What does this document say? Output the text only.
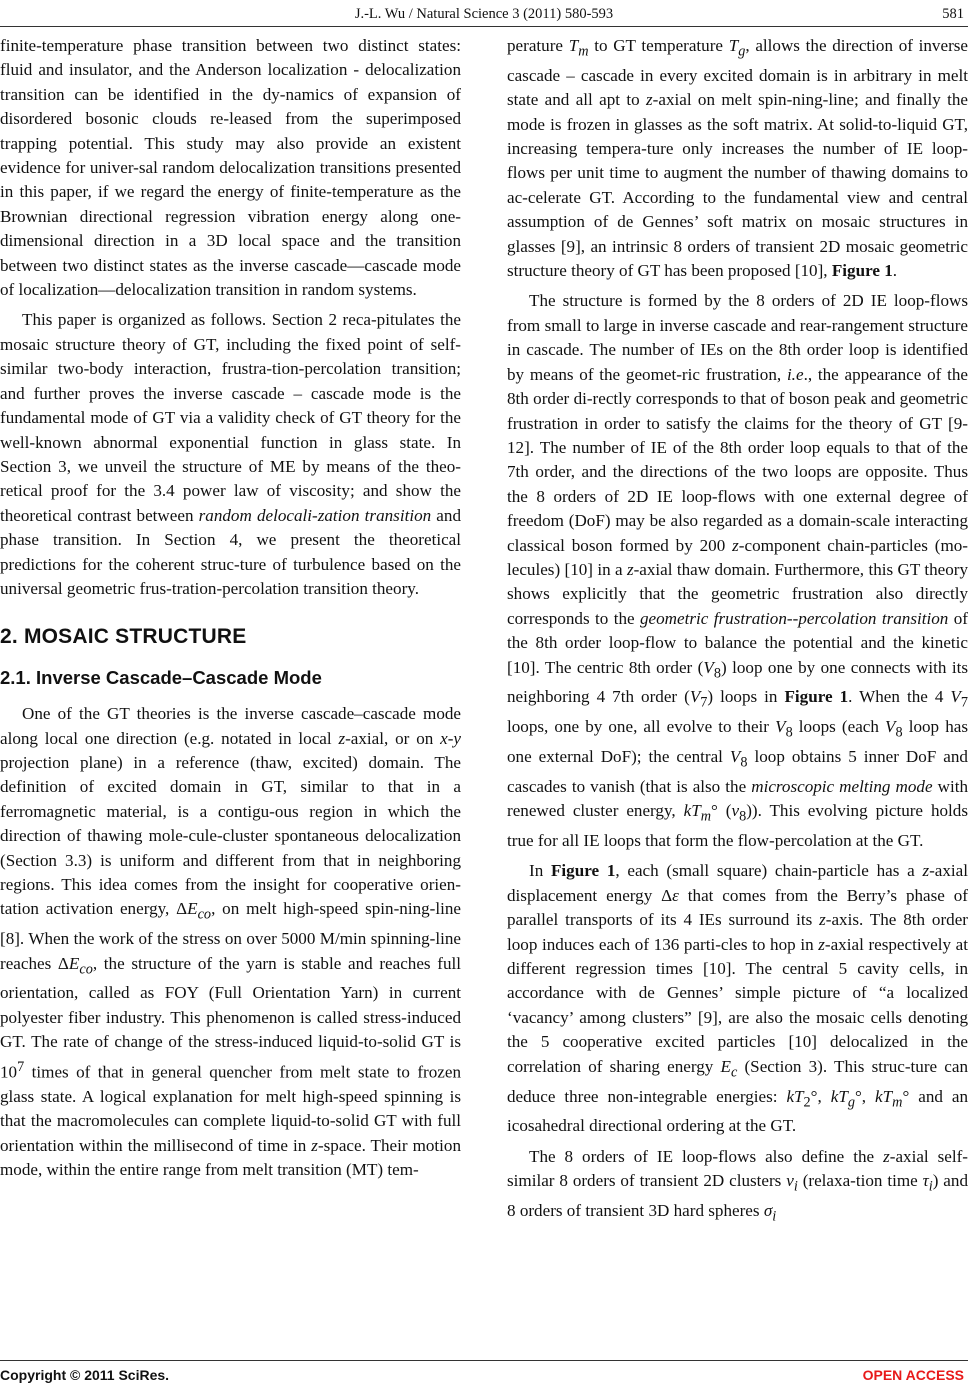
J.-L. Wu / Natural Science 3 (2011) 580-593	581

finite-temperature phase transition between two distinct states: fluid and insulator, and the Anderson localization - delocalization transition can be identified in the dy-namics of expansion of disordered bosonic clouds re-leased from the superimposed trapping potential. This study may also provide an existent evidence for univer-sal random delocalization transitions presented in this paper, if we regard the energy of finite-temperature as the Brownian directional regression vibration energy along one-dimensional direction in a 3D local space and the transition between two distinct states as the inverse cascade—cascade mode of localization—delocalization transition in random systems.

This paper is organized as follows. Section 2 reca-pitulates the mosaic structure theory of GT, including the fixed point of self-similar two-body interaction, frustra-tion-percolation transition; and further proves the inverse cascade – cascade mode is the fundamental mode of GT via a validity check of GT theory for the well-known abnormal exponential function in glass state. In Section 3, we unveil the structure of ME by means of the theo-retical proof for the 3.4 power law of viscosity; and show the theoretical contrast between random delocali-zation transition and phase transition. In Section 4, we present the theoretical predictions for the coherent struc-ture of turbulence based on the universal geometric frus-tration-percolation transition theory.

2. MOSAIC STRUCTURE
2.1. Inverse Cascade–Cascade Mode

One of the GT theories is the inverse cascade–cascade mode along local one direction (e.g. notated in local z-axial, or on x-y projection plane) in a reference (thaw, excited) domain. The definition of excited domain in GT, similar to that in a ferromagnetic material, is a contigu-ous region in which the direction of thawing mole-cule-cluster spontaneous delocalization (Section 3.3) is uniform and different from that in neighboring regions. This idea comes from the insight for cooperative orien-tation activation energy, $\Delta E_{co}$, on melt high-speed spin-ning-line [8]. When the work of the stress on over 5000 M/min spinning-line reaches $\Delta E_{co}$, the structure of the yarn is stable and reaches full orientation, called as FOY (Full Orientation Yarn) in current polyester fiber industry. This phenomenon is called stress-induced GT. The rate of change of the stress-induced liquid-to-solid GT is $10^7$ times of that in general quencher from melt state to frozen glass state. A logical explanation for melt high-speed spinning is that the macromolecules can complete liquid-to-solid GT with full orientation within the millisecond of time in z-space. Their motion mode, within the entire range from melt transition (MT) tem-

perature $T_m$ to GT temperature $T_g$, allows the direction of inverse cascade – cascade in every excited domain is in arbitrary in melt state and all apt to z-axial on melt spin-ning-line; and finally the mode is frozen in glasses as the soft matrix. At solid-to-liquid GT, increasing tempera-ture only increases the number of IE loop-flows per unit time to augment the number of thawing domains to ac-celerate GT. According to the fundamental view and central assumption of de Gennes’ soft matrix on mosaic structures in glasses [9], an intrinsic 8 orders of transient 2D mosaic geometric structure theory of GT has been proposed [10], Figure 1.

The structure is formed by the 8 orders of 2D IE loop-flows from small to large in inverse cascade and rear-rangement structure in cascade. The number of IEs on the 8th order loop is identified by means of the geomet-ric frustration, i.e., the appearance of the 8th order di-rectly corresponds to that of boson peak and geometric frustration in order to satisfy the claims for the theory of GT [9-12]. The number of IE of the 8th order loop equals to that of the 7th order, and the directions of the two loops are opposite. Thus the 8 orders of 2D IE loop-flows with one external degree of freedom (DoF) may be also regarded as a domain-scale interacting classical boson formed by 200 z-component chain-particles (mo-lecules) [10] in a z-axial thaw domain. Furthermore, this GT theory shows explicitly that the geometric frustration also directly corresponds to the geometric frustration--percolation transition of the 8th order loop-flow to balance the potential and the kinetic [10]. The centric 8th order $(V_8)$ loop one by one connects with its neighboring 4 7th order $(V_7)$ loops in Figure 1. When the 4 $V_7$ loops, one by one, all evolve to their $V_8$ loops (each $V_8$ loop has one external DoF); the central $V_8$ loop obtains 5 inner DoF and cascades to vanish (that is also the microscopic melting mode with renewed cluster energy, $kT_m^\circ$ $(v_8)$). This evolving picture holds true for all IE loops that form the flow-percolation at the GT.

In Figure 1, each (small square) chain-particle has a z-axial displacement energy Δε that comes from the Berry’s phase of parallel transports of its 4 IEs surround its z-axis. The 8th order loop induces each of 136 parti-cles to hop in z-axial respectively at different regression times [10]. The central 5 cavity cells, in accordance with de Gennes’ simple picture of “a localized ‘vacancy’ among clusters” [9], are also the mosaic cells denoting the 5 cooperative excited particles [10] delocalized in the correlation of sharing energy $E_c$ (Section 3). This struc-ture can deduce three non-integrable energies: $kT_2^\circ$, $kT_g^\circ$, $kT_m^\circ$ and an icosahedral directional ordering at the GT.

The 8 orders of IE loop-flows also define the z-axial self-similar 8 orders of transient 2D clusters $v_i$ (relaxa-tion time $\tau_i$) and 8 orders of transient 3D hard spheres $\sigma_i$

Copyright © 2011 SciRes.	OPEN ACCESS
